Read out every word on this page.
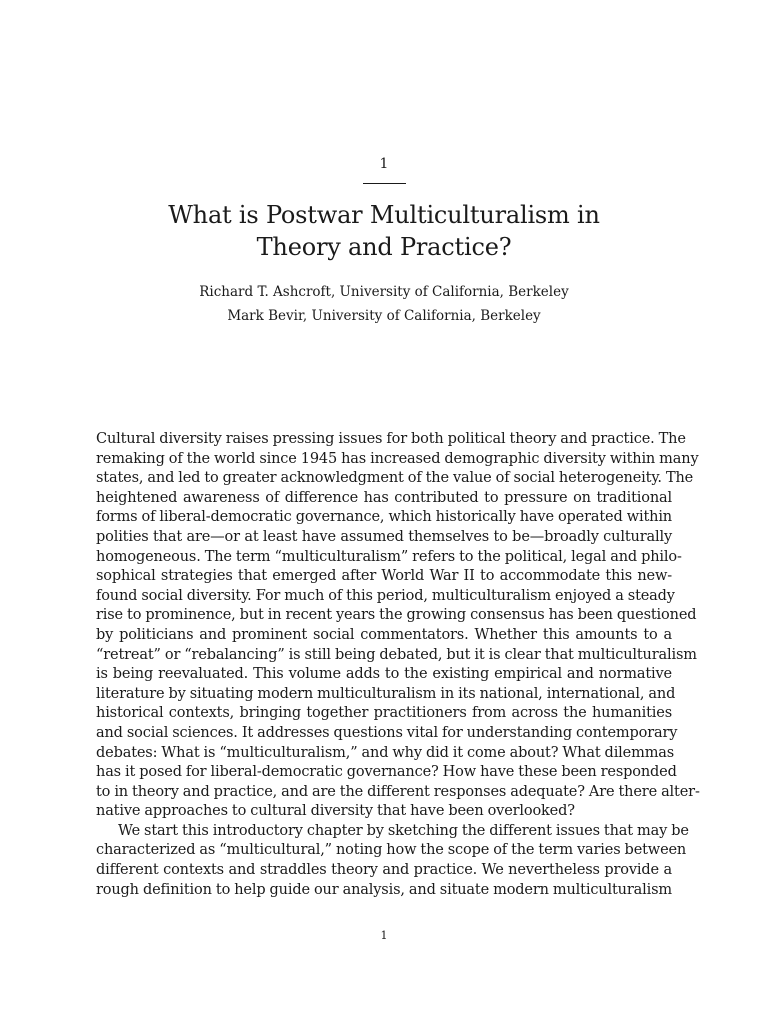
1
What is Postwar Multiculturalism in
Theory and Practice?
Richard T. Ashcroft, University of California, Berkeley
Mark Bevir, University of California, Berkeley
Cultural diversity raises pressing issues for both political theory and practice. The
remaking of the world since 1945 has increased demographic diversity within many
states, and led to greater acknowledgment of the value of social heterogeneity. The
heightened awareness of difference has contributed to pressure on traditional
forms of liberal-democratic governance, which historically have operated within
polities that are—or at least have assumed themselves to be—broadly culturally
homogeneous. The term “multiculturalism” refers to the political, legal and philo-
sophical strategies that emerged after World War II to accommodate this new-
found social diversity. For much of this period, multiculturalism enjoyed a steady
rise to prominence, but in recent years the growing consensus has been questioned
by politicians and prominent social commentators. Whether this amounts to a
“retreat” or “rebalancing” is still being debated, but it is clear that multiculturalism
is being reevaluated. This volume adds to the existing empirical and normative
literature by situating modern multiculturalism in its national, international, and
historical contexts, bringing together practitioners from across the humanities
and social sciences. It addresses questions vital for understanding contemporary
debates: What is “multiculturalism,” and why did it come about? What dilemmas
has it posed for liberal-democratic governance? How have these been responded
to in theory and practice, and are the different responses adequate? Are there alter-
native approaches to cultural diversity that have been overlooked?
We start this introductory chapter by sketching the different issues that may be
characterized as “multicultural,” noting how the scope of the term varies between
different contexts and straddles theory and practice. We nevertheless provide a
rough definition to help guide our analysis, and situate modern multiculturalism
1
